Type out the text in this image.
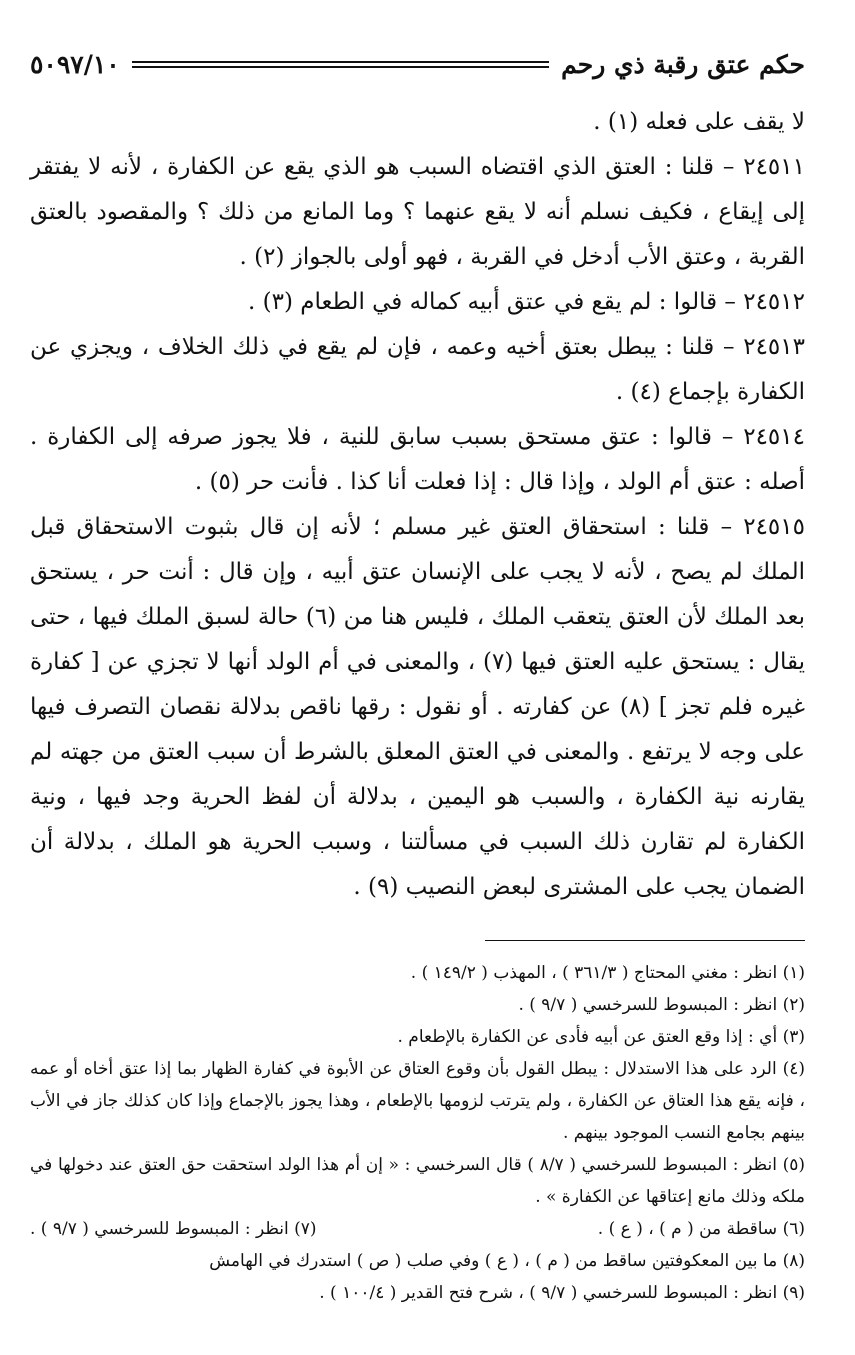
حكم عتق رقبة ذي رحم
٥٠٩٧/١٠

لا يقف على فعله (١) .

٢٤٥١١ – قلنا : العتق الذي اقتضاه السبب هو الذي يقع عن الكفارة ، لأنه لا يفتقر إلى إيقاع ، فكيف نسلم أنه لا يقع عنهما ؟ وما المانع من ذلك ؟ والمقصود بالعتق القربة ، وعتق الأب أدخل في القربة ، فهو أولى بالجواز (٢) .

٢٤٥١٢ – قالوا : لم يقع في عتق أبيه كماله في الطعام (٣) .

٢٤٥١٣ – قلنا : يبطل بعتق أخيه وعمه ، فإن لم يقع في ذلك الخلاف ، ويجزي عن الكفارة بإجماع (٤) .

٢٤٥١٤ – قالوا : عتق مستحق بسبب سابق للنية ، فلا يجوز صرفه إلى الكفارة . أصله : عتق أم الولد ، وإذا قال : إذا فعلت أنا كذا . فأنت حر (٥) .

٢٤٥١٥ – قلنا : استحقاق العتق غير مسلم ؛ لأنه إن قال بثبوت الاستحقاق قبل الملك لم يصح ، لأنه لا يجب على الإنسان عتق أبيه ، وإن قال : أنت حر ، يستحق بعد الملك لأن العتق يتعقب الملك ، فليس هنا من (٦) حالة لسبق الملك فيها ، حتى يقال : يستحق عليه العتق فيها (٧) ، والمعنى في أم الولد أنها لا تجزي عن [ كفارة غيره فلم تجز ] (٨) عن كفارته . أو نقول : رقها ناقص بدلالة نقصان التصرف فيها على وجه لا يرتفع . والمعنى في العتق المعلق بالشرط أن سبب العتق من جهته لم يقارنه نية الكفارة ، والسبب هو اليمين ، بدلالة أن لفظ الحرية وجد فيها ، ونية الكفارة لم تقارن ذلك السبب في مسألتنا ، وسبب الحرية هو الملك ، بدلالة أن الضمان يجب على المشترى لبعض النصيب (٩) .

(١) انظر : مغني المحتاج ( ٣٦١/٣ ) ، المهذب ( ١٤٩/٢ ) .

(٢) انظر : المبسوط للسرخسي ( ٩/٧ ) .

(٣) أي : إذا وقع العتق عن أبيه فأدى عن الكفارة بالإطعام .

(٤) الرد على هذا الاستدلال : يبطل القول بأن وقوع العتاق عن الأبوة في كفارة الظهار بما إذا عتق أخاه أو عمه ، فإنه يقع هذا العتاق عن الكفارة ، ولم يترتب لزومها بالإطعام ، وهذا يجوز بالإجماع وإذا كان كذلك جاز في الأب بينهم بجامع النسب الموجود بينهم .

(٥) انظر : المبسوط للسرخسي ( ٨/٧ ) قال السرخسي : « إن أم هذا الولد استحقت حق العتق عند دخولها في ملكه وذلك مانع إعتاقها عن الكفارة » .

(٦) ساقطة من ( م ) ، ( ع ) .
(٧) انظر : المبسوط للسرخسي ( ٩/٧ ) .

(٨) ما بين المعكوفتين ساقط من ( م ) ، ( ع ) وفي صلب ( ص ) استدرك في الهامش

(٩) انظر : المبسوط للسرخسي ( ٩/٧ ) ، شرح فتح القدير ( ١٠٠/٤ ) .
